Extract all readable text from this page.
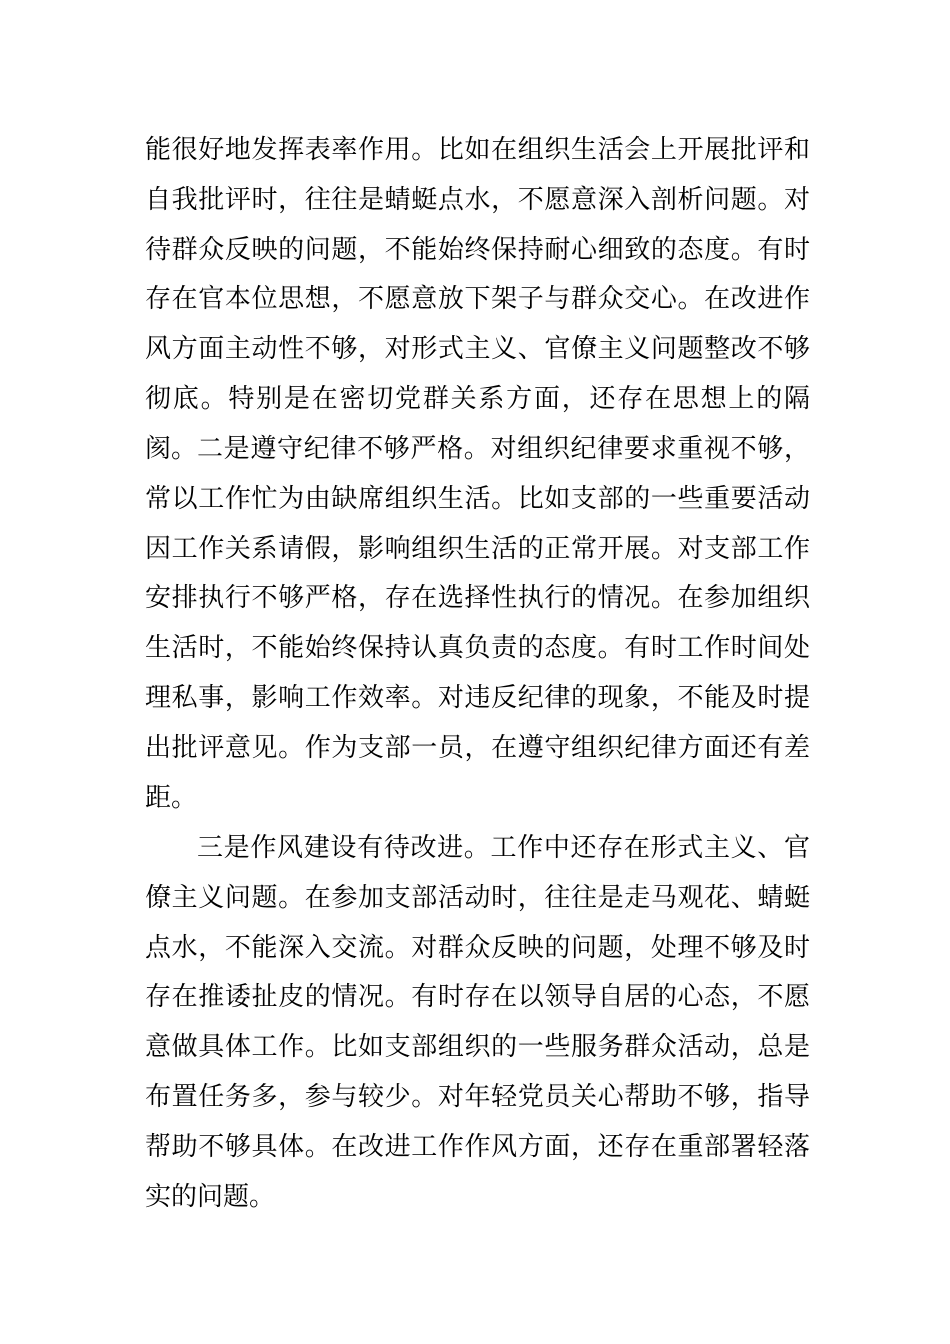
能很好地发挥表率作用。比如在组织生活会上开展批评和自我批评时，往往是蜻蜓点水，不愿意深入剖析问题。对待群众反映的问题，不能始终保持耐心细致的态度。有时存在官本位思想，不愿意放下架子与群众交心。在改进作风方面主动性不够，对形式主义、官僚主义问题整改不够彻底。特别是在密切党群关系方面，还存在思想上的隔阂。 二是遵守纪律不够严格。对组织纪律要求重视不够，常以工作忙为由缺席组织生活。比如支部的一些重要活动因工作关系请假，影响组织生活的正常开展。对支部工作安排执行不够严格，存在选择性执行的情况。在参加组织生活时，不能始终保持认真负责的态度。有时工作时间处理私事，影响工作效率。对违反纪律的现象，不能及时提出批评意见。作为支部一员，在遵守组织纪律方面还有差距。

三是作风建设有待改进。工作中还存在形式主义、官僚主义问题。在参加支部活动时，往往是走马观花、蜻蜓点水，不能深入交流。对群众反映的问题，处理不够及时存在推诿扯皮的情况。有时存在以领导自居的心态，不愿意做具体工作。比如支部组织的一些服务群众活动，总是布置任务多，参与较少。对年轻党员关心帮助不够，指导帮助不够具体。在改进工作作风方面，还存在重部署轻落实的问题。
